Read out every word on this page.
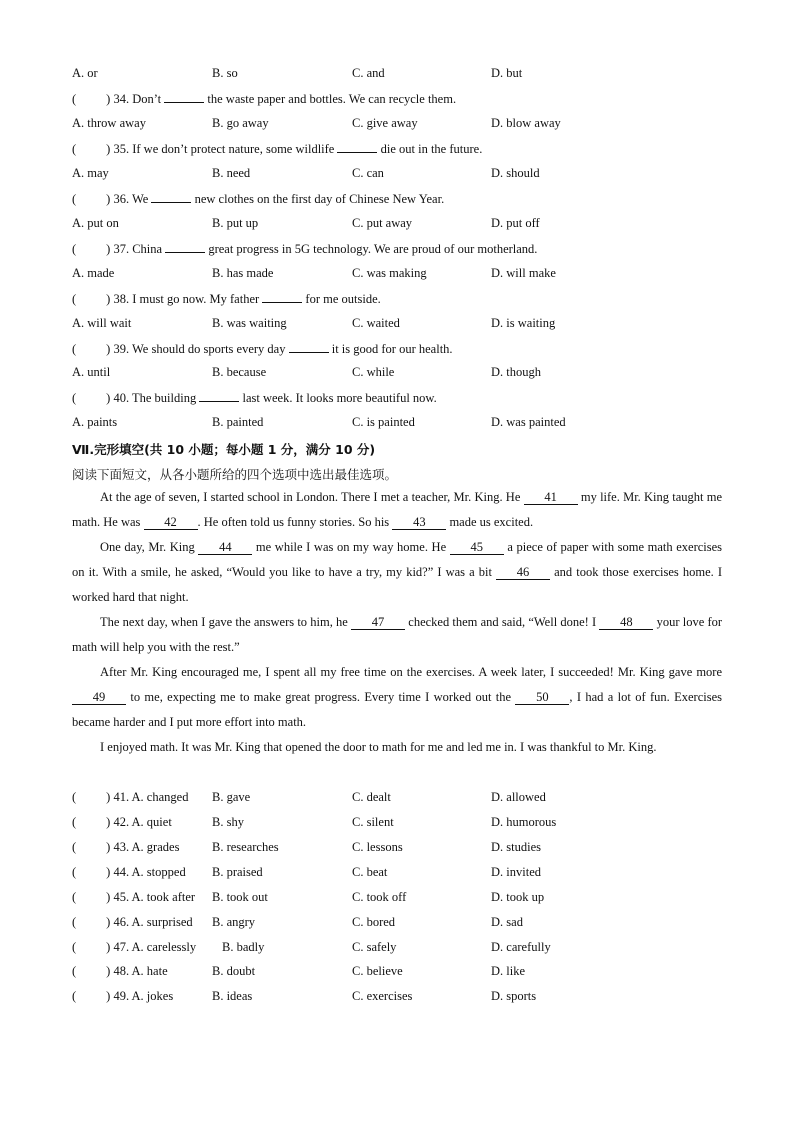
A. or	B. so	C. and	D. but
( ) 34. Don’t	the waste paper and bottles. We can recycle them.
A. throw away	B. go away	C. give away	D. blow away
( ) 35. If we don’t protect nature, some wildlife	die out in the future.
A. may	B. need	C. can	D. should
( ) 36. We	new clothes on the first day of Chinese New Year.
A. put on	B. put up	C. put away	D. put off
( ) 37. China	great progress in 5G technology. We are proud of our motherland.
A. made	B. has made	C. was making	D. will make
( ) 38. I must go now. My father	for me outside.
A. will wait	B. was waiting	C. waited	D. is waiting
( ) 39. We should do sports every day	it is good for our health.
A. until	B. because	C. while	D. though
( ) 40. The building	last week. It looks more beautiful now.
A. paints	B. painted	C. is painted	D. was painted
Ⅶ.完形填空(共 10 小题；每小题 1 分，满分 10 分)
阅读下面短文，从各小题所给的四个选项中选出最佳选项。
At the age of seven, I started school in London. There I met a teacher, Mr. King. He 41 my life. Mr. King taught me math. He was 42 . He often told us funny stories. So his 43 made us excited.
One day, Mr. King 44 me while I was on my way home. He 45 a piece of paper with some math exercises on it. With a smile, he asked, “Would you like to have a try, my kid?” I was a bit 46 and took those exercises home. I worked hard that night.
The next day, when I gave the answers to him, he 47 checked them and said, “Well done! I 48 your love for math will help you with the rest.”
After Mr. King encouraged me, I spent all my free time on the exercises. A week later, I succeeded! Mr. King gave more 49 to me, expecting me to make great progress. Every time I worked out the 50 , I had a lot of fun. Exercises became harder and I put more effort into math.
I enjoyed math. It was Mr. King that opened the door to math for me and led me in. I was thankful to Mr. King.
( ) 41. A. changed B. gave	C. dealt	D. allowed
( ) 42. A. quiet	B. shy	C. silent	D. humorous
( ) 43. A. grades	B. researches	C. lessons	D. studies
( ) 44. A. stopped B. praised	C. beat	D. invited
( ) 45. A. took after B. took out	C. took off	D. took up
( ) 46. A. surprised B. angry	C. bored	D. sad
( ) 47. A. carelessly B. badly	C. safely	D. carefully
( ) 48. A. hate	B. doubt	C. believe	D. like
( ) 49. A. jokes	B. ideas	C. exercises	D. sports
